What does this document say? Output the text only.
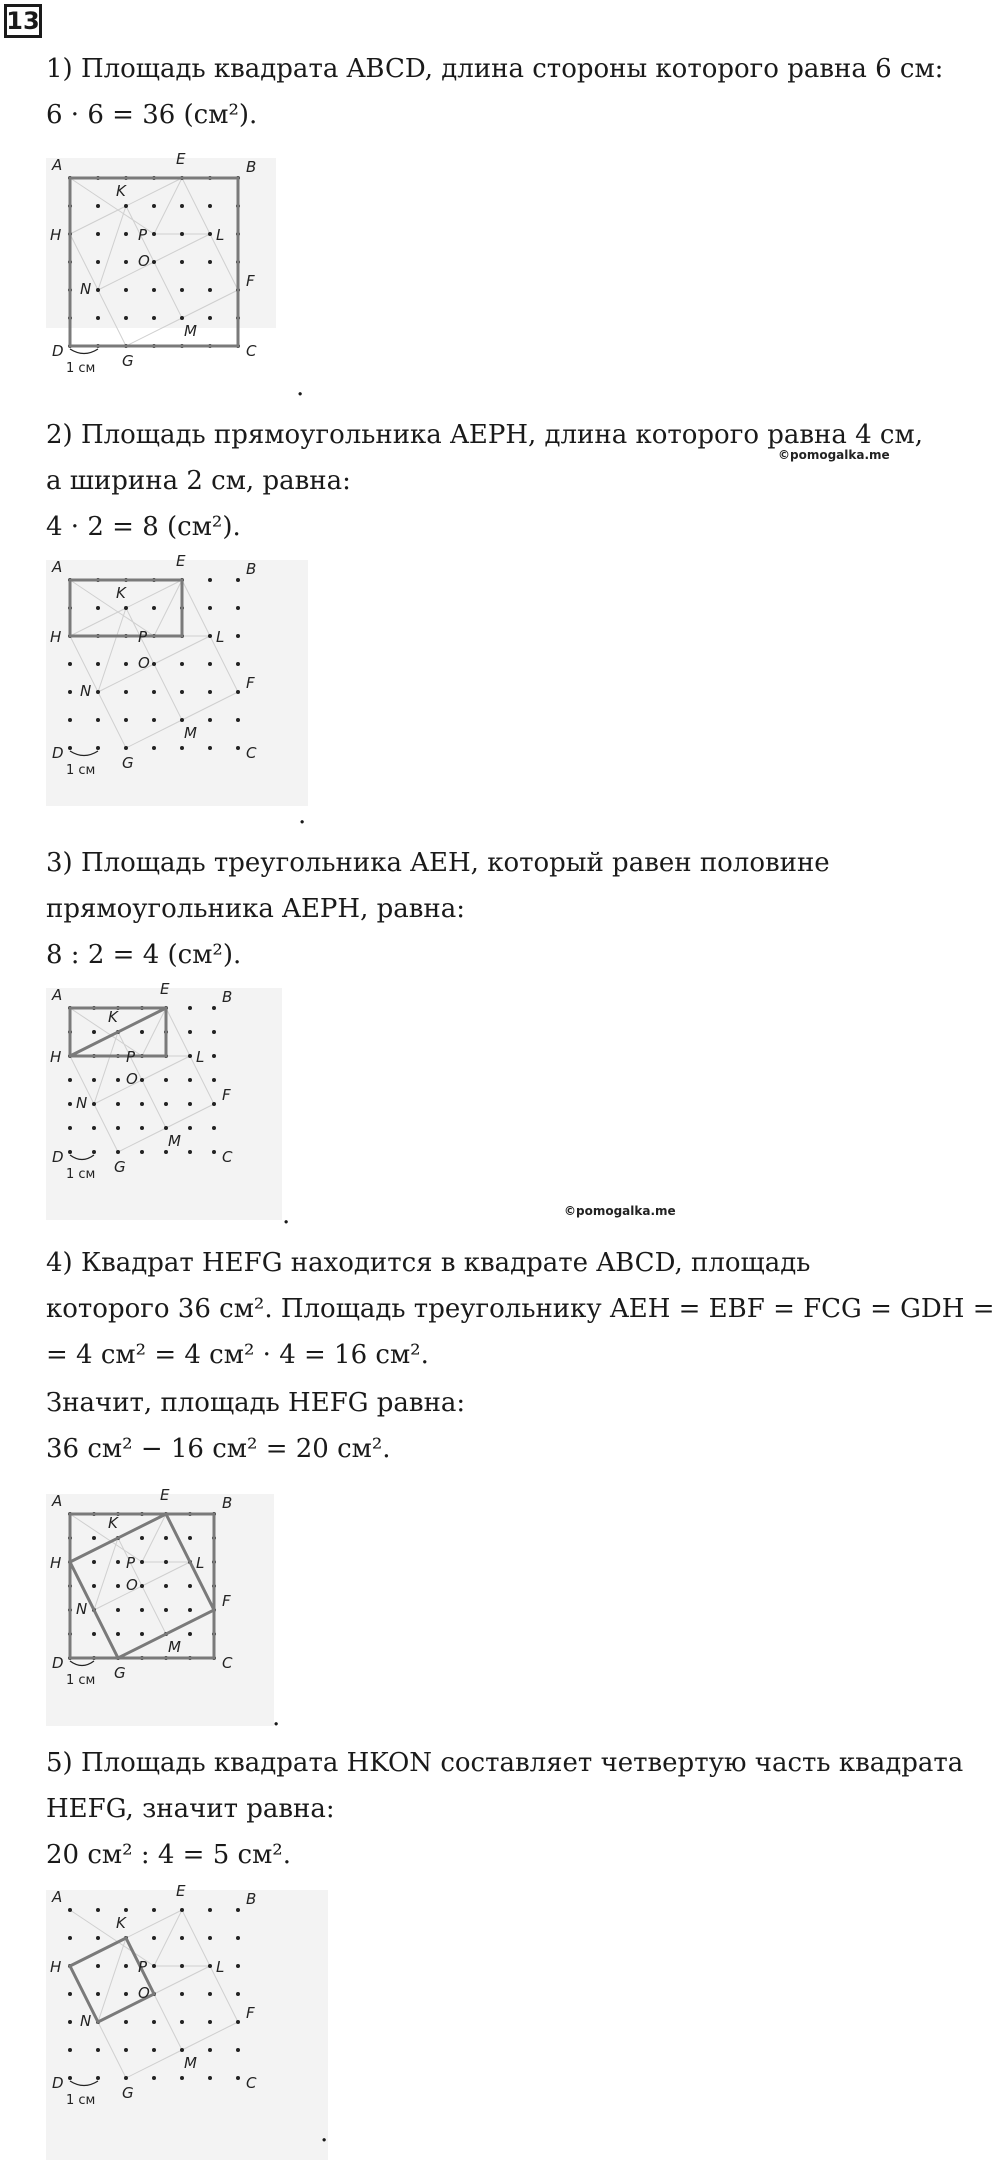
13
1) Площадь квадрата ABCD, длина стороны которого равна 6 см:
6 · 6 = 36 (см²).
A	B
C
D
E
F
G
H
K
L
M
N
O
P
1 см
.
2) Площадь прямоугольника AEPH, длина которого равна 4 см,
©pomogalka.me
а ширина 2 см, равна:
4 · 2 = 8 (см²).
A	B
C
D
E
F
G
H
K
L
M
N
O
P
1 см
.
3) Площадь треугольника AEH, который равен половине
прямоугольника AEPH, равна:
8 : 2 = 4 (см²).
A	B
C
D
E
F
G
H
K
L
M
N
O
P
1 см
.	©pomogalka.me
4) Квадрат HEFG находится в квадрате ABCD, площадь
которого 36 см². Площадь треугольнику AEH = EBF = FCG = GDH =
= 4 см² = 4 см² · 4 = 16 см².
Значит, площадь HEFG равна:
36 см² − 16 см² = 20 см².
A	B
C
D
E
F
G
H
K
L
M
N
O
P
1 см
.
5) Площадь квадрата HKON составляет четвертую часть квадрата
HEFG, значит равна:
20 см² : 4 = 5 см².
A	B
C
D
E
F
G
H
K
L
M
N
O
P
1 см
.
